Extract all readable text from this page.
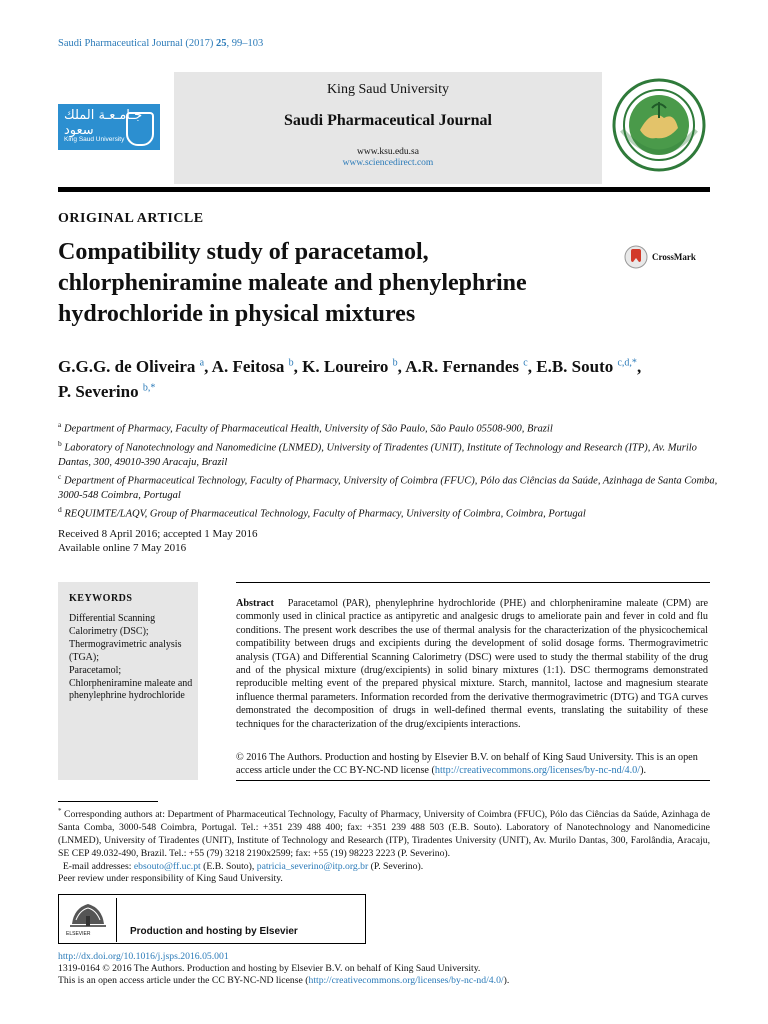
Saudi Pharmaceutical Journal (2017) 25, 99–103
جـامـعـة الملك سعود
King Saud University
King Saud University
Saudi Pharmaceutical Journal
www.ksu.edu.sa
www.sciencedirect.com
ORIGINAL ARTICLE
Compatibility study of paracetamol, chlorpheniramine maleate and phenylephrine hydrochloride in physical mixtures
CrossMark
G.G.G. de Oliveira $^a$, A. Feitosa $^b$, K. Loureiro $^b$, A.R. Fernandes $^c$, E.B. Souto $^{c,d,*}$,
P. Severino $^{b,*}$
$^a$ Department of Pharmacy, Faculty of Pharmaceutical Health, University of São Paulo, São Paulo 05508-900, Brazil
$^b$ Laboratory of Nanotechnology and Nanomedicine (LNMED), University of Tiradentes (UNIT), Institute of Technology and Research (ITP), Av. Murilo Dantas, 300, 49010-390 Aracaju, Brazil
$^c$ Department of Pharmaceutical Technology, Faculty of Pharmacy, University of Coimbra (FFUC), Pólo das Ciências da Saúde, Azinhaga de Santa Comba, 3000-548 Coimbra, Portugal
$^d$ REQUIMTE/LAQV, Group of Pharmaceutical Technology, Faculty of Pharmacy, University of Coimbra, Coimbra, Portugal
Received 8 April 2016; accepted 1 May 2016
Available online 7 May 2016
KEYWORDS
Differential Scanning Calorimetry (DSC);
Thermogravimetric analysis (TGA);
Paracetamol;
Chlorpheniramine maleate and phenylephrine hydrochloride
Abstract Paracetamol (PAR), phenylephrine hydrochloride (PHE) and chlorpheniramine maleate (CPM) are commonly used in clinical practice as antipyretic and analgesic drugs to ameliorate pain and fever in cold and flu conditions. The present work describes the use of thermal analysis for the characterization of the physicochemical compatibility between drugs and excipients during the development of solid dosage forms. Thermogravimetric analysis (TGA) and Differential Scanning Calorimetry (DSC) were used to study the thermal stability of the drug and of the physical mixture (drug/excipients) in solid binary mixtures (1:1). DSC thermograms demonstrated reproducible melting event of the prepared physical mixture. Starch, mannitol, lactose and magnesium stearate influence thermal parameters. Information recorded from the derivative thermogravimetric (DTG) and TGA curves demonstrated the decomposition of drugs in well-defined thermal events, translating the suitability of these techniques for the characterization of the drug/excipients interactions.
© 2016 The Authors. Production and hosting by Elsevier B.V. on behalf of King Saud University. This is an open access article under the CC BY-NC-ND license (http://creativecommons.org/licenses/by-nc-nd/4.0/).
* Corresponding authors at: Department of Pharmaceutical Technology, Faculty of Pharmacy, University of Coimbra (FFUC), Pólo das Ciências da Saúde, Azinhaga de Santa Comba, 3000-548 Coimbra, Portugal. Tel.: +351 239 488 400; fax: +351 239 488 503 (E.B. Souto). Laboratory of Nanotechnology and Nanomedicine (LNMED), University of Tiradentes (UNIT), Institute of Technology and Research (ITP), Tiradentes University (UNIT), Av. Murilo Dantas, 300, Farolândia, Aracaju, SE CEP 49.032-490, Brazil. Tel.: +55 (79) 3218 2190x2599; fax: +55 (19) 98223 2223 (P. Severino).
E-mail addresses: ebsouto@ff.uc.pt (E.B. Souto), patricia_severino@itp.org.br (P. Severino).
Peer review under responsibility of King Saud University.
ELSEVIER	Production and hosting by Elsevier
http://dx.doi.org/10.1016/j.jsps.2016.05.001
1319-0164 © 2016 The Authors. Production and hosting by Elsevier B.V. on behalf of King Saud University.
This is an open access article under the CC BY-NC-ND license (http://creativecommons.org/licenses/by-nc-nd/4.0/).
